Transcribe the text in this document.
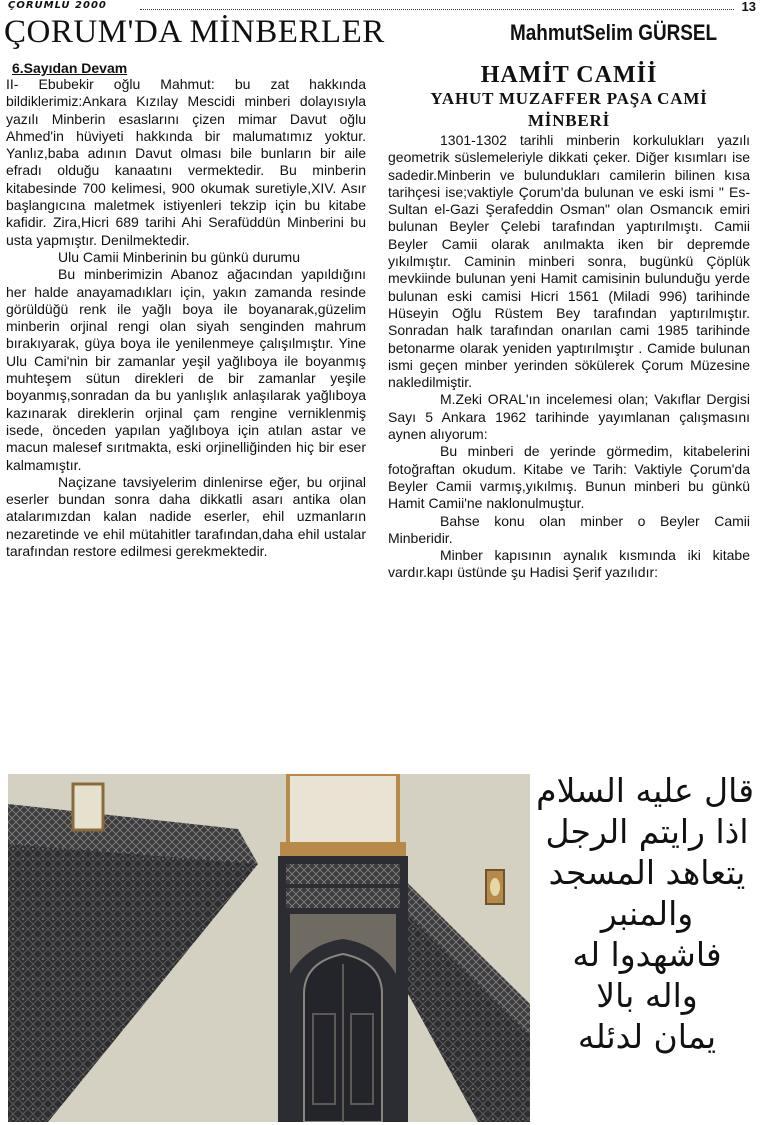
ÇORUMLU 2000	13
ÇORUM'DA MİNBERLER	MahmutSelim GÜRSEL
6.Sayıdan Devam

II- Ebubekir oğlu Mahmut: bu zat hakkında bildiklerimiz:Ankara Kızılay Mescidi minberi dolayısıyla yazılı Minberin esaslarını çizen mimar Davut oğlu Ahmed'in hüviyeti hakkında bir malumatımız yoktur. Yanlız,baba adının Davut olması bile bunların bir aile efradı olduğu kanaatını vermektedir. Bu minberin kitabesinde 700 kelimesi, 900 okumak suretiyle,XIV. Asır başlangıcına maletmek istiyenleri tekzip için bu kitabe kafidir. Zira,Hicri 689 tarihi Ahi Serafüddün Minberini bu usta yapmıştır. Denilmektedir.

Ulu Camii Minberinin bu günkü durumu

Bu minberimizin Abanoz ağacından yapıldığını her halde anayamadıkları için, yakın zamanda resinde görüldüğü renk ile yağlı boya ile boyanarak,güzelim minberin orjinal rengi olan siyah senginden mahrum bırakıyarak, güya boya ile yenilenmeye çalışılmıştır. Yine Ulu Cami'nin bir zamanlar yeşil yağlıboya ile boyanmış muhteşem sütun direkleri de bir zamanlar yeşile boyanmış,sonradan da bu yanlışlık anlaşılarak yağlıboya kazınarak direklerin orjinal çam rengine verniklenmiş isede, önceden yapılan yağlıboya için atılan astar ve macun malesef sırıtmakta, eski orjinelliğinden hiç bir eser kalmamıştır.

Naçizane tavsiyelerim dinlenirse eğer, bu orjinal eserler bundan sonra daha dikkatli asarı antika olan atalarımızdan kalan nadide eserler, ehil uzmanların nezaretinde ve ehil mütahitler tarafından,daha ehil ustalar tarafından restore edilmesi gerekmektedir.

HAMİT CAMİİ
YAHUT MUZAFFER PAŞA CAMİ
MİNBERİ

1301-1302 tarihli minberin korkulukları yazılı geometrik süslemeleriyle dikkati çeker. Diğer kısımları ise sadedir.Minberin ve bulundukları camilerin bilinen kısa tarihçesi ise;vaktiyle Çorum'da bulunan ve eski ismi " Es- Sultan el-Gazi Şerafeddin Osman" olan Osmancık emiri bulunan Beyler Çelebi tarafından yaptırılmıştı. Camii Beyler Camii olarak anılmakta iken bir depremde yıkılmıştır. Caminin minberi sonra, bugünkü Çöplük mevkiinde bulunan yeni Hamit camisinin bulunduğu yerde bulunan eski camisi Hicri 1561 (Miladi 996) tarihinde Hüseyin Oğlu Rüstem Bey tarafından yaptırılmıştır. Sonradan halk tarafından onarılan cami 1985 tarihinde betonarme olarak yeniden yaptırılmıştır . Camide bulunan ismi geçen minber yerinden sökülerek Çorum Müzesine nakledilmiştir.

M.Zeki ORAL'ın incelemesi olan; Vakıflar Dergisi Sayı 5 Ankara 1962 tarihinde yayımlanan çalışmasını aynen alıyorum:

Bu minberi de yerinde görmedim, kitabelerini fotoğraftan okudum. Kitabe ve Tarih: Vaktiyle Çorum'da Beyler Camii varmış,yıkılmış. Bunun minberi bu günkü Hamit Camii'ne naklonulmuştur.

Bahse konu olan minber o Beyler Camii Minberidir.

Minber kapısının aynalık kısmında iki kitabe vardır.kapı üstünde şu Hadisi Şerif yazılıdır:

قال عليه السلام
اذا رايتم الرجل
يتعاهد المسجد
والمنبر
فاشهدوا له
واله بالا
يمان لدئله
